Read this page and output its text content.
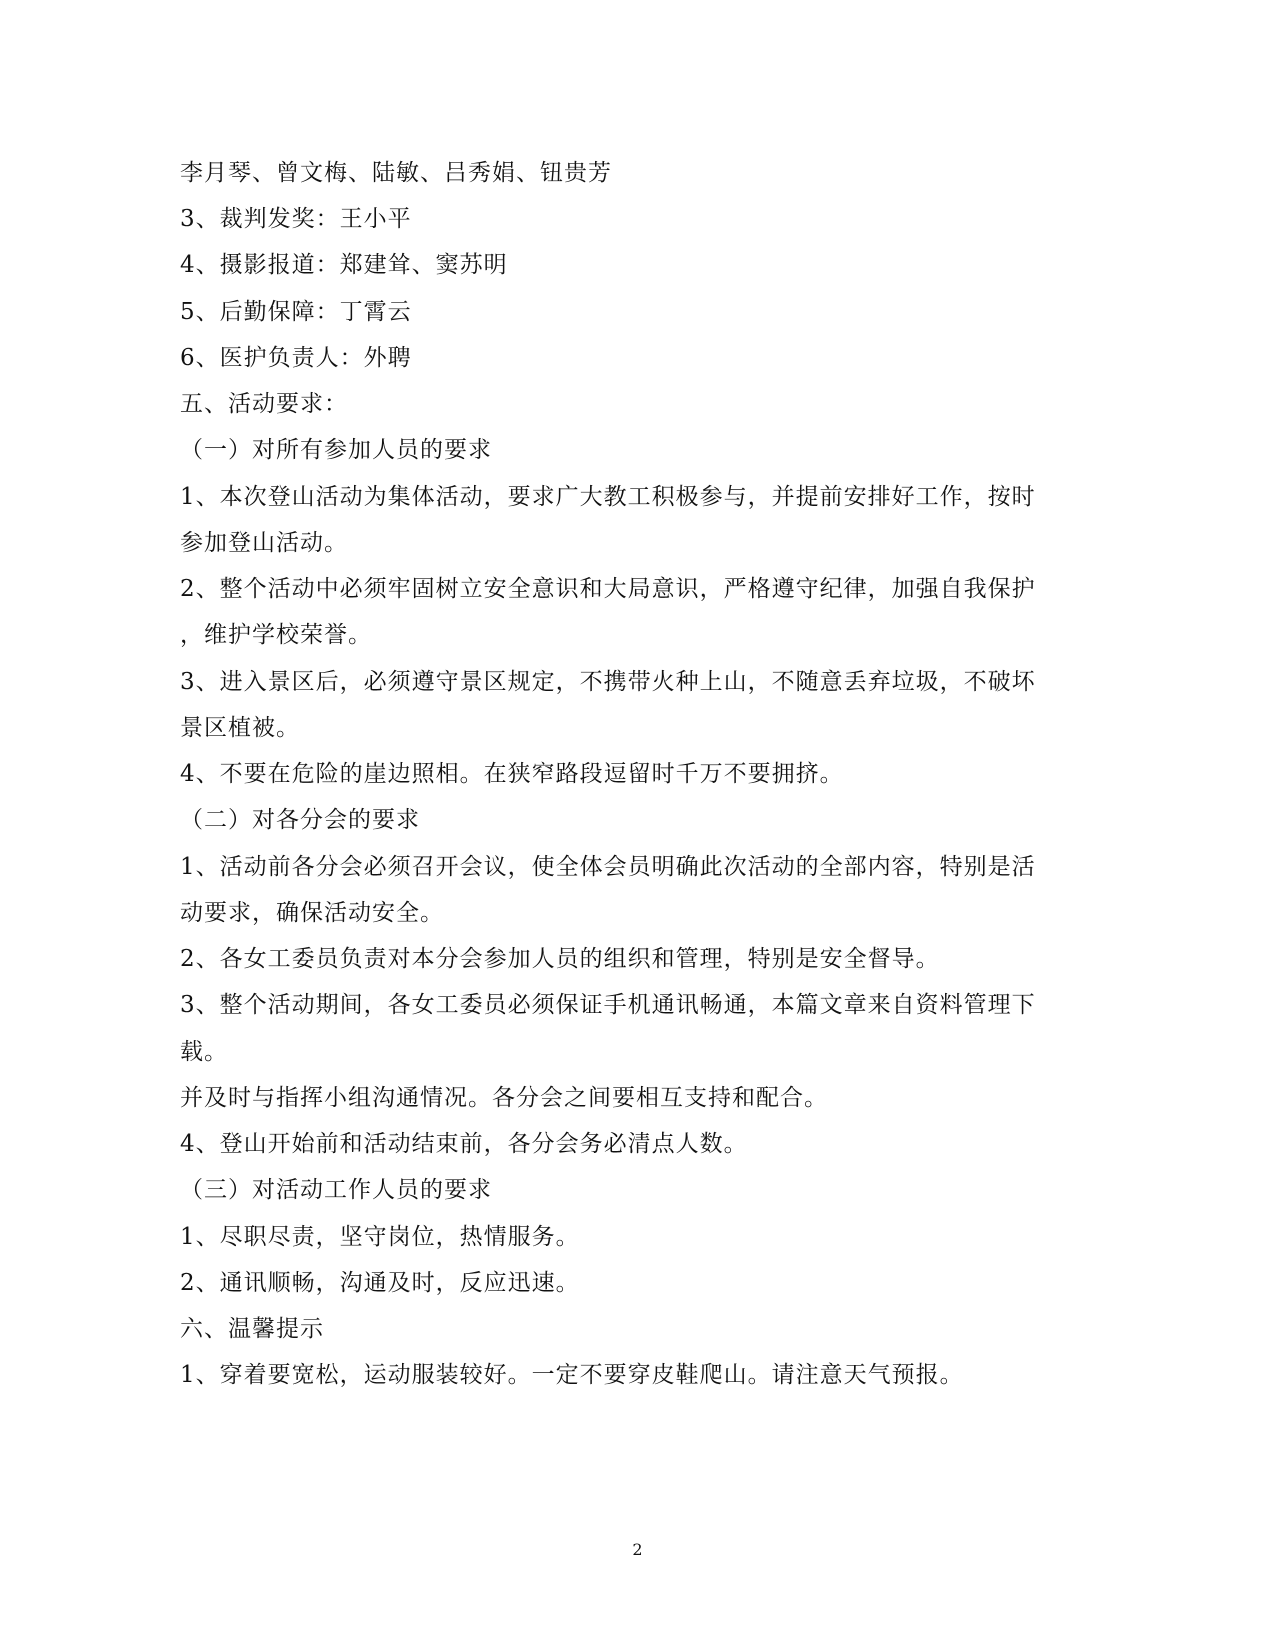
李月琴、曾文梅、陆敏、吕秀娟、钮贵芳
3、裁判发奖：王小平
4、摄影报道：郑建耸、窦苏明
5、后勤保障：丁霄云
6、医护负责人：外聘
五、活动要求：
（一）对所有参加人员的要求
1、本次登山活动为集体活动，要求广大教工积极参与，并提前安排好工作，按时
参加登山活动。
2、整个活动中必须牢固树立安全意识和大局意识，严格遵守纪律，加强自我保护
，维护学校荣誉。
3、进入景区后，必须遵守景区规定，不携带火种上山，不随意丢弃垃圾，不破坏
景区植被。
4、不要在危险的崖边照相。在狭窄路段逗留时千万不要拥挤。
（二）对各分会的要求
1、活动前各分会必须召开会议，使全体会员明确此次活动的全部内容，特别是活
动要求，确保活动安全。
2、各女工委员负责对本分会参加人员的组织和管理，特别是安全督导。
3、整个活动期间，各女工委员必须保证手机通讯畅通，本篇文章来自资料管理下
载。
并及时与指挥小组沟通情况。各分会之间要相互支持和配合。
4、登山开始前和活动结束前，各分会务必清点人数。
（三）对活动工作人员的要求
1、尽职尽责，坚守岗位，热情服务。
2、通讯顺畅，沟通及时，反应迅速。
六、温馨提示
1、穿着要宽松，运动服装较好。一定不要穿皮鞋爬山。请注意天气预报。
2
